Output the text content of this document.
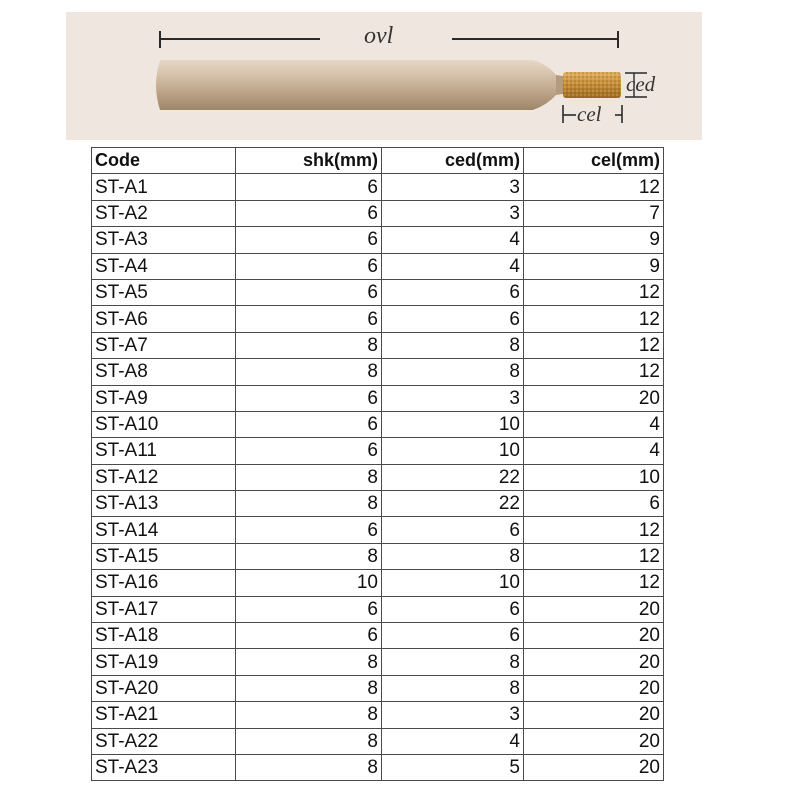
ovl
ced
cel
Code	shk(mm)	ced(mm)	cel(mm)
ST-A1	6	3	12
ST-A2	6	3	7
ST-A3	6	4	9
ST-A4	6	4	9
ST-A5	6	6	12
ST-A6	6	6	12
ST-A7	8	8	12
ST-A8	8	8	12
ST-A9	6	3	20
ST-A10	6	10	4
ST-A11	6	10	4
ST-A12	8	22	10
ST-A13	8	22	6
ST-A14	6	6	12
ST-A15	8	8	12
ST-A16	10	10	12
ST-A17	6	6	20
ST-A18	6	6	20
ST-A19	8	8	20
ST-A20	8	8	20
ST-A21	8	3	20
ST-A22	8	4	20
ST-A23	8	5	20
